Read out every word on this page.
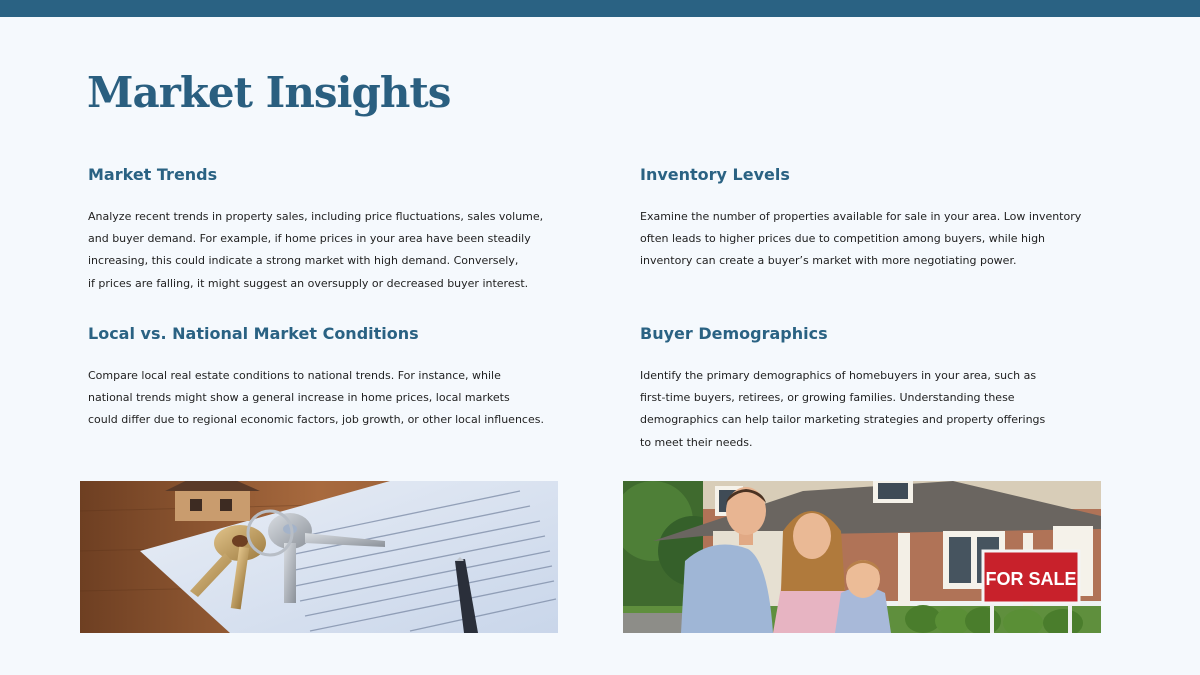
Market Insights
Market Trends
Analyze recent trends in property sales, including price fluctuations, sales volume,
and buyer demand. For example, if home prices in your area have been steadily
increasing, this could indicate a strong market with high demand. Conversely,
if prices are falling, it might suggest an oversupply or decreased buyer interest.
Inventory Levels
Examine the number of properties available for sale in your area. Low inventory
often leads to higher prices due to competition among buyers, while high
inventory can create a buyer’s market with more negotiating power.
Local vs. National Market Conditions
Compare local real estate conditions to national trends. For instance, while
national trends might show a general increase in home prices, local markets
could differ due to regional economic factors, job growth, or other local influences.
Buyer Demographics
Identify the primary demographics of homebuyers in your area, such as
first-time buyers, retirees, or growing families. Understanding these
demographics can help tailor marketing strategies and property offerings
to meet their needs.
FOR SALE
